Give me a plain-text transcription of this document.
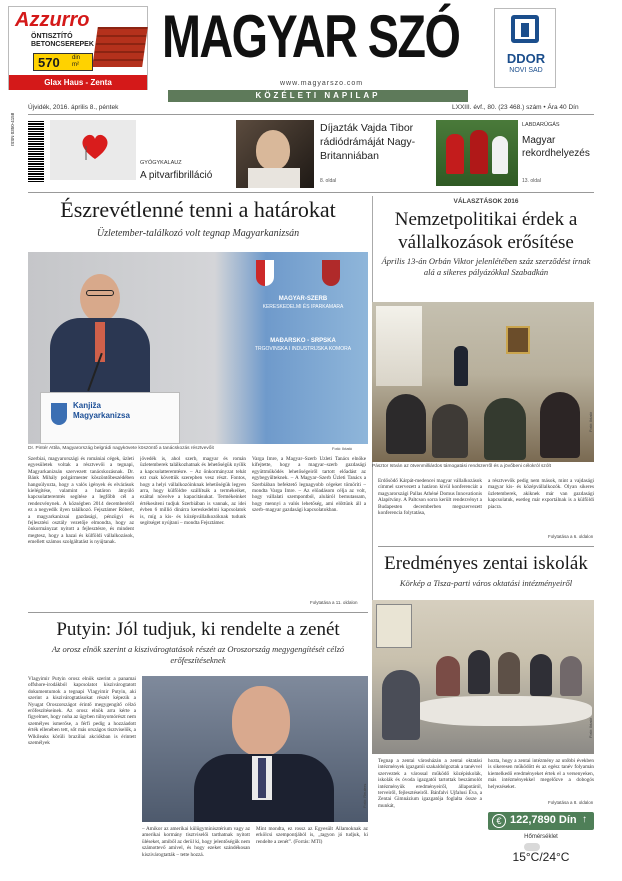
Azzurro
ÖNTISZTÍTÓ
BETONCSEREPEK
570 din
m²
Glax Haus - Zenta
MAGYAR SZÓ
www.magyarszo.com
KÖZÉLETI NAPILAP
DDOR
NOVI SAD
Újvidék, 2016. április 8., péntek	LXXIII. évf., 80. (23 468.) szám • Ára 40 Dín
ISSN 0350-4158
GYÓGYKALAUZ
A pitvarfibrilláció
Díjazták Vajda Tibor rádiódrámáját Nagy-Britanniában
8. oldal
LABDARÚGÁS
Magyar rekordhelyezés
13. oldal
Észrevétlenné tenni a határokat
Üzletember-találkozó volt tegnap Magyarkanizsán
MAGYAR-SZERB
KERESKEDELMI ÉS IPARKAMARA
MAĐARSKO - SRPSKA
TRGOVINSKA I INDUSTRIJSKA KOMORA
Kanjiža
Magyarkanizsa
Dr. Pintér Attila, Magyarország belgrádi nagykövete köszöntő a tanácskozás résztvevőit	Fotó: Iktató
Szerbiai, magyarországi és romániai cégek, üzleti egyesületek voltak a résztvevői a tegnapi, Magyarkanizsán szervezett tanácskozásnak. Dr. Bánk Mihály polgármester köszöntőbeszédében hangsúlyozta, hogy a valós igények és elvárások kielégítése, valamint a határon átnyúló kapcsolatteremtés segítése a legfőbb cél a rendezvénynek. A községben 2014 decemberétől ez a negyedik ilyen találkozó. Fejsztámer Róbert, a magyarkanizsai gazdasági, pénzügyi és fejlesztési osztály vezetője elmondta, hogy az önkormányzat nyitott a fejlesztésre, és mindent megtesz, hogy a hazai és külföldi vállalkozások, emellett számos szolgáltatást is nyújtanak.
jövedék is, ahol szerb, magyar és román üzletemberek találkozhatnak és lehetőségük nyílik a kapcsolatteremtésre. – Az önkormányzat tehát ezt csak követtük szerepben vesz részt. Fontos, hogy a helyi vállalkozóinknak lehetőségük legyen arra, hogy külföldre szállítsák a termékeiket, ezáltal növelve a kapacitásukat. Termékeinket értékesíteni tudjuk Szerbiában is vannak, az idei évben 6 millió dinárra kereskedelmi kapcsolatok is, míg a kis- és középvállalkozóknak tudunk segítséget nyújtani – mondta Fejsztámer.
Varga Imre, a Magyar–Szerb Üzleti Tanács elnöke kifejtette, hogy a magyar–szerb gazdasági együttműködés lehetőségeiről tartott előadást az egybegyűlteknek. – A Magyar–Szerb Üzleti Tanács a Szerbiában befektető legnagyobb cégeket tömöríti – mondta Varga Imre. – Az előadásom célja az volt, hogy vállalati szempontból, aluláról bemutassam, hogy mennyi a valós lehetőség, ami előttünk áll a szerb–magyar gazdasági kapcsolatokban.
Folytatása a 11. oldalon
VÁLASZTÁSOK 2016
Nemzetpolitikai érdek a vállalkozások erősítése
Április 13-án Orbán Viktor jelenlétében száz szerződést írnak alá a sikeres pályázókkal Szabadkán
Pásztor István az ötvenmilliárdos támogatási rendszerről és a jövőbeni célokról szólt
Fotó: Iktató
Erdősödő Kárpát-medencei magyar vállalkozások címmel szervezett a határon kívül konferenciát a magyarországi Pallas Athéné Domus Innovationis Alapítvány. A Paltcson sorra került rendezvényt a Budapesten decemberben megszervezett konferencia folytatása,
a résztvevők pedig nem mások, mint a vajdasági magyar kis- és középvállalkozók. Olyan sikeres üzletemberek, akiknek már van gazdasági kapcsolatuk, esetleg már exportálnak is a külföldi piacra.
Folytatása a 6. oldalon
Eredményes zentai iskolák
Körkép a Tisza-parti város oktatási intézményeiről
Fotó: Iktató
Tegnap a zentai városházán a zentai oktatási intézmények igazgatói szakaldolgoztak a tanévvel szerveztek a várossal működő középiskolák, iskolák és óvoda igazgatói tartottak beszámolót intézményük eredményeiről, állapotáról, terveiről, fejlesztéseiről. Bánfalvi Ujfalusi Éva, a Zentai Gimnázium igazgatója foglalta össze a munkát,
hozta, hogy a zentai intézmény az utóbbi években is sikeresen működött és az egész tanév folyamán kiemelkedő eredményeket értek el a versenyeken, más intézményekkel megelőzve a dobogós helyezéseket.
Folytatása a 8. oldalon
€ 122,7890 Dín ↑
Hőmérséklet
15°C/24°C
Putyin: Jól tudjuk, ki rendelte a zenét
Az orosz elnök szerint a kiszivárogtatások részét az Oroszország megygengítését célzó erőfeszítéseknek
Vlagyimir Putyin orosz elnök szerint a panamai offshore-irodákból kapcsolatot kiszivárogtatott dokumentumok a tegnapi Vlagyimir Putyin, aki szerint a kiszivárogtatásokat részét képezik a Nyugat Oroszországot érintő megygengítő célzó erőfeszítéseinek. Az orosz elnök arra kérte a figyelmet, hogy noha az ügyben túlnyomórészt nem személyes ismerőse, a férfi pedig a hozzáadott érték ellenében tett, sőt más országos tisztviselők, a Wikileaks körüli brazíliai akciókban is érintett személyek
Fotó: Reuters
– Amikor az amerikai külügyminisztérium vagy az amerikai kormány tisztviselői tarthatnak nyitott üléseket, amiből az derül ki, hogy jelentőségük nem számottevő amivel, és hogy ezeket szándékosan kiszivárogtatták – tette hozzá.
Mint mondta, ez rossz az Egyesült Államoknak az erkölcsi szempontjából is, „tagyon jó tudjuk, ki rendelte a zenét”. (Forrás: MTI)
